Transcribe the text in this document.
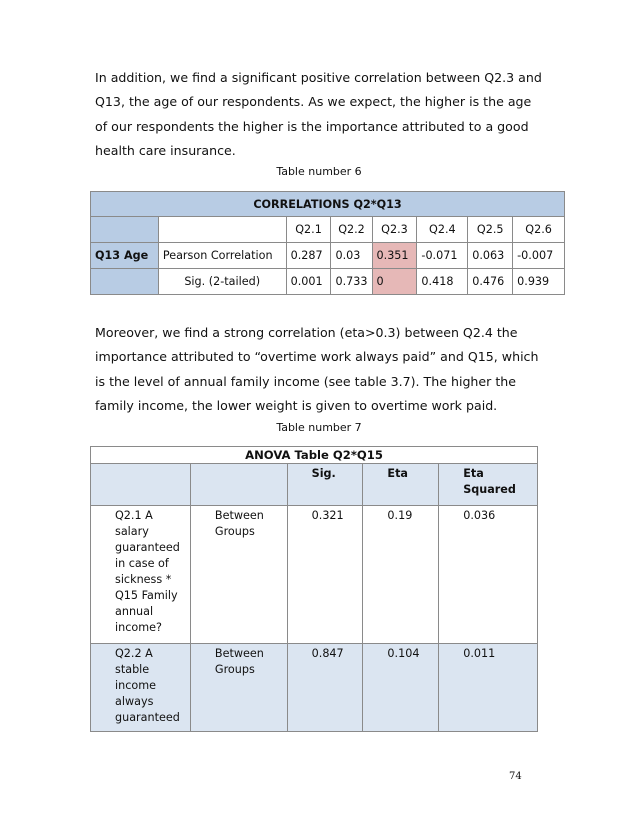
In addition, we find a significant positive correlation between Q2.3 and Q13, the age of our respondents. As we expect, the higher is the age of our respondents the higher is the importance attributed to a good health care insurance.
Table number 6
CORRELATIONS Q2*Q13							
		Q2.1	Q2.2	Q2.3	Q2.4	Q2.5	Q2.6
Q13 Age	Pearson Correlation	0.287	0.03	0.351	-0.071	0.063	-0.007
	Sig. (2-tailed)	0.001	0.733	0	0.418	0.476	0.939
Moreover, we find a strong correlation (eta>0.3) between Q2.4 the importance attributed to “overtime work always paid” and Q15, which is the level of annual family income (see table 3.7). The higher the family income, the lower weight is given to overtime work paid.
Table number 7
ANOVA Table Q2*Q15				
		Sig.	Eta	Eta Squared
Q2.1 A salary guaranteed in case of sickness * Q15 Family annual income?	Between Groups	0.321	0.19	0.036
Q2.2 A stable income always guaranteed	Between Groups	0.847	0.104	0.011
74
